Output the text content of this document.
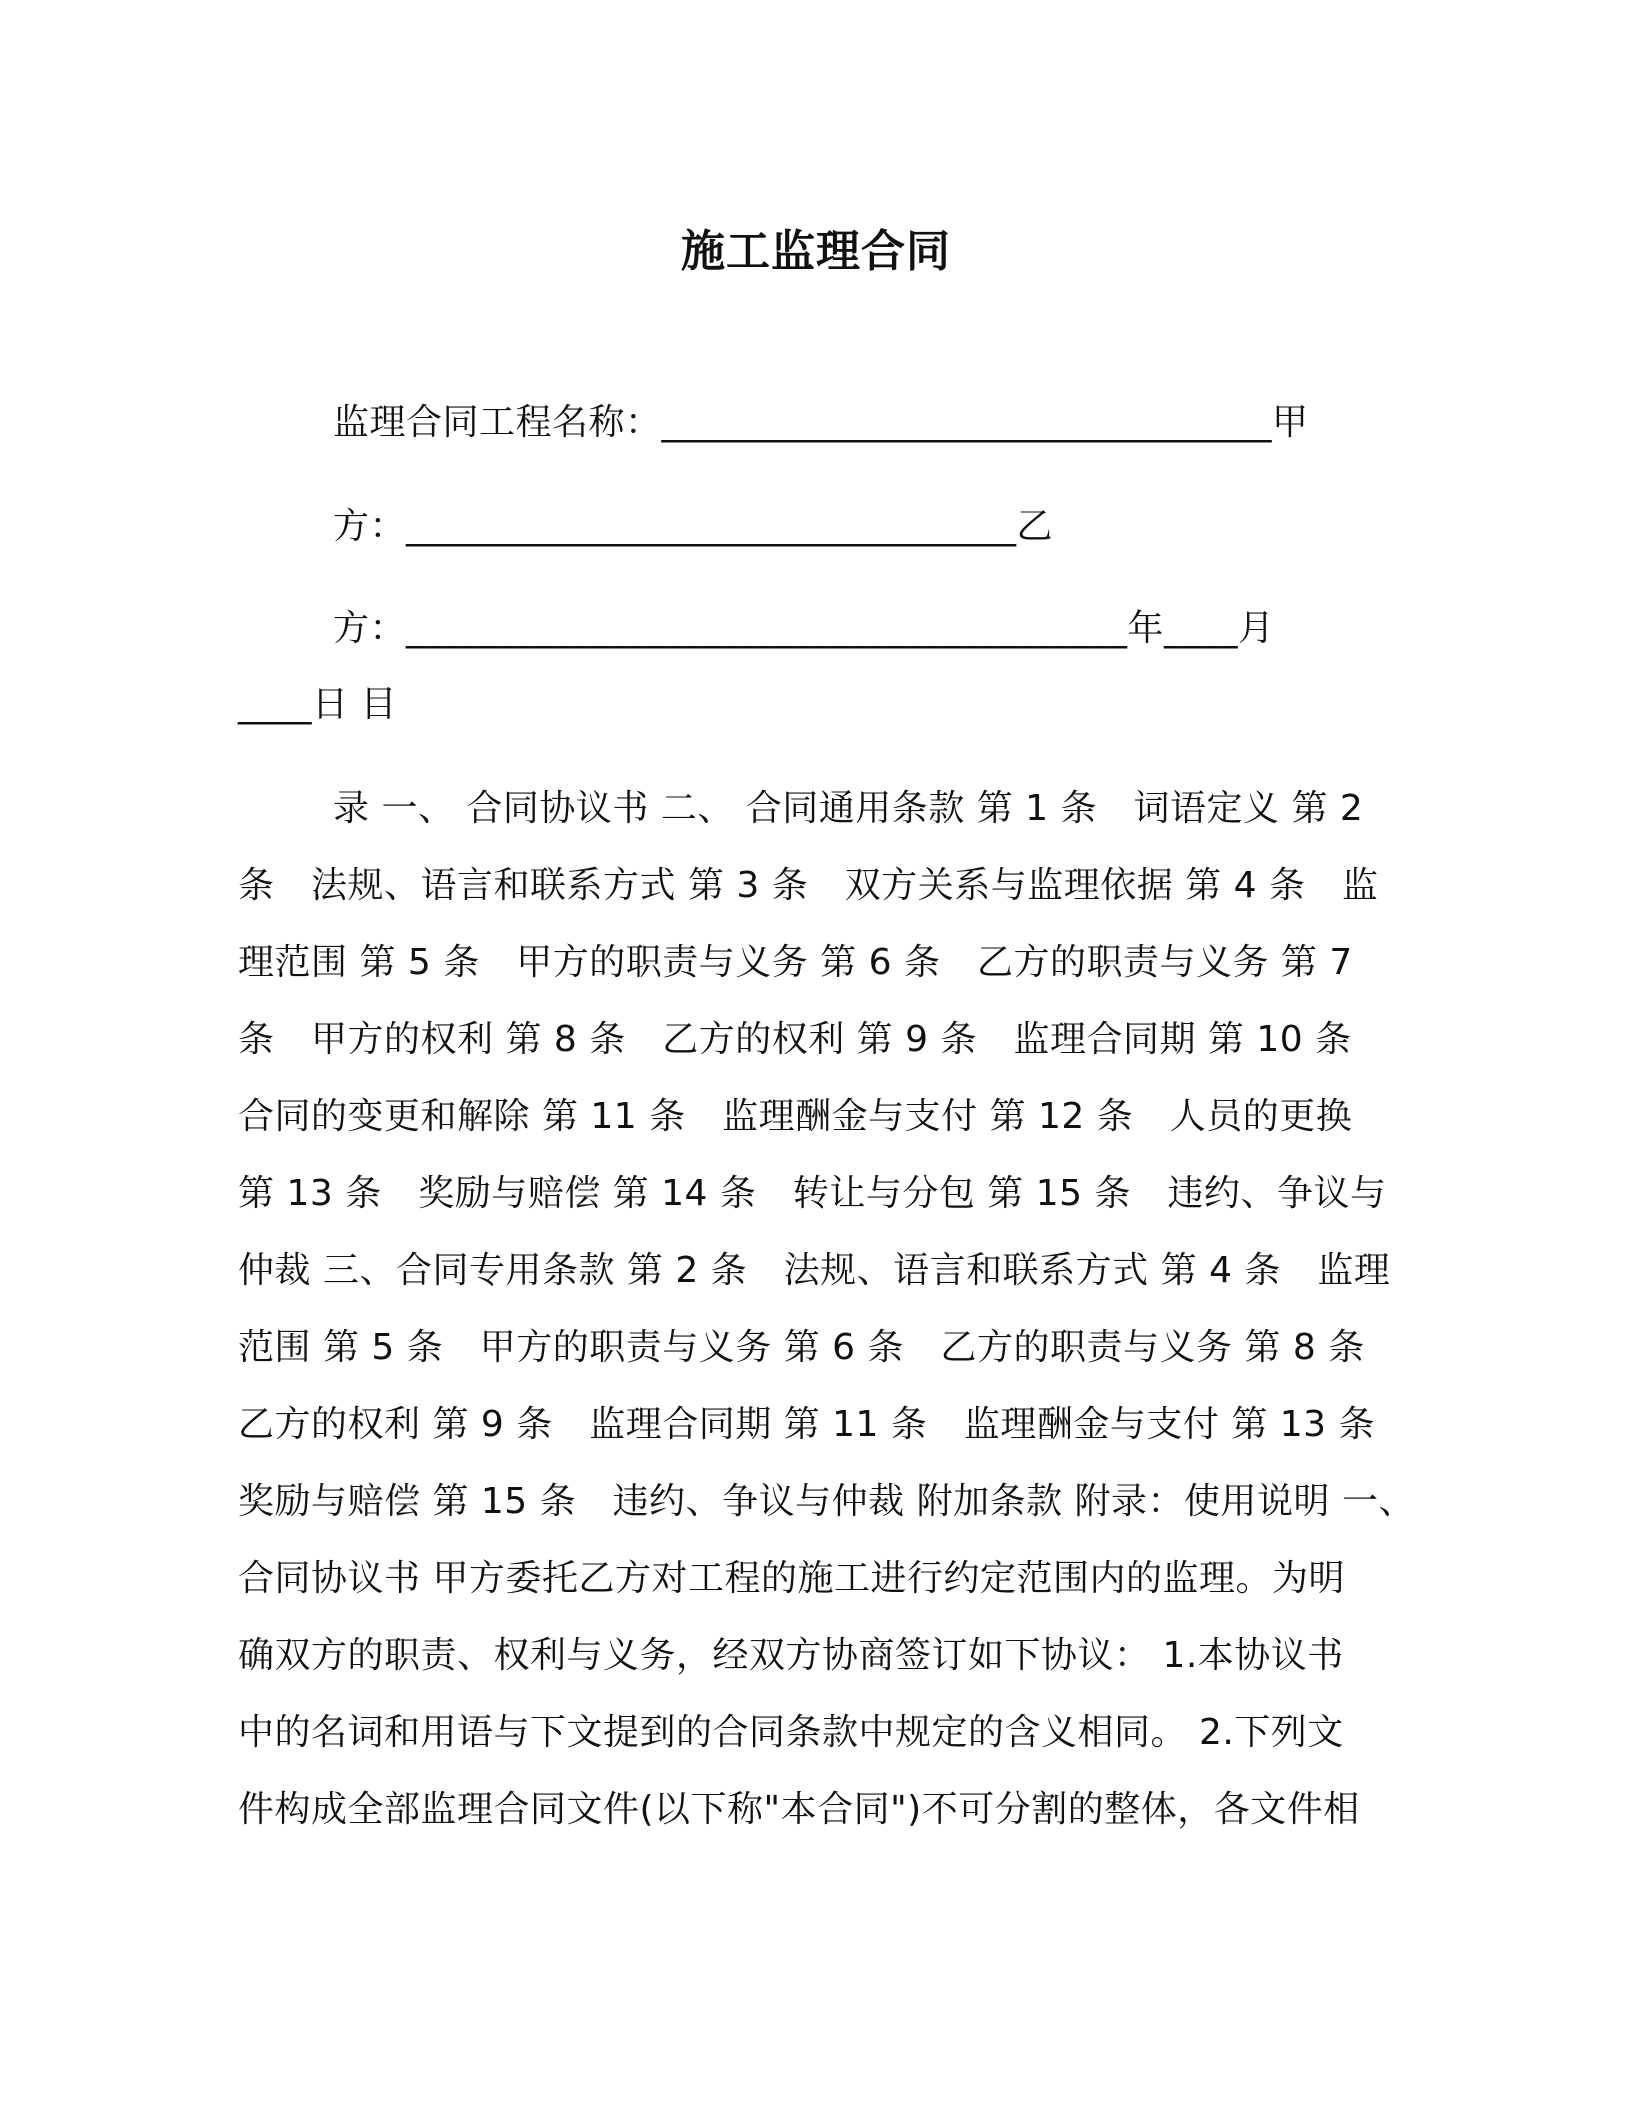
施工监理合同
监理合同工程名称：_________________________________甲
方：_________________________________乙
方：_______________________________________年____月
____日 目
录 一、 合同协议书 二、 合同通用条款 第 1 条　词语定义 第 2
条　法规、语言和联系方式 第 3 条　双方关系与监理依据 第 4 条　监
理范围 第 5 条　甲方的职责与义务 第 6 条　乙方的职责与义务 第 7
条　甲方的权利 第 8 条　乙方的权利 第 9 条　监理合同期 第 10 条
合同的变更和解除 第 11 条　监理酬金与支付 第 12 条　人员的更换
第 13 条　奖励与赔偿 第 14 条　转让与分包 第 15 条　违约、争议与
仲裁 三、合同专用条款 第 2 条　法规、语言和联系方式 第 4 条　监理
范围 第 5 条　甲方的职责与义务 第 6 条　乙方的职责与义务 第 8 条
乙方的权利 第 9 条　监理合同期 第 11 条　监理酬金与支付 第 13 条
奖励与赔偿 第 15 条　违约、争议与仲裁 附加条款 附录：使用说明 一、
合同协议书 甲方委托乙方对工程的施工进行约定范围内的监理。为明
确双方的职责、权利与义务，经双方协商签订如下协议： 1.本协议书
中的名词和用语与下文提到的合同条款中规定的含义相同。 2.下列文
件构成全部监理合同文件(以下称"本合同")不可分割的整体，各文件相
